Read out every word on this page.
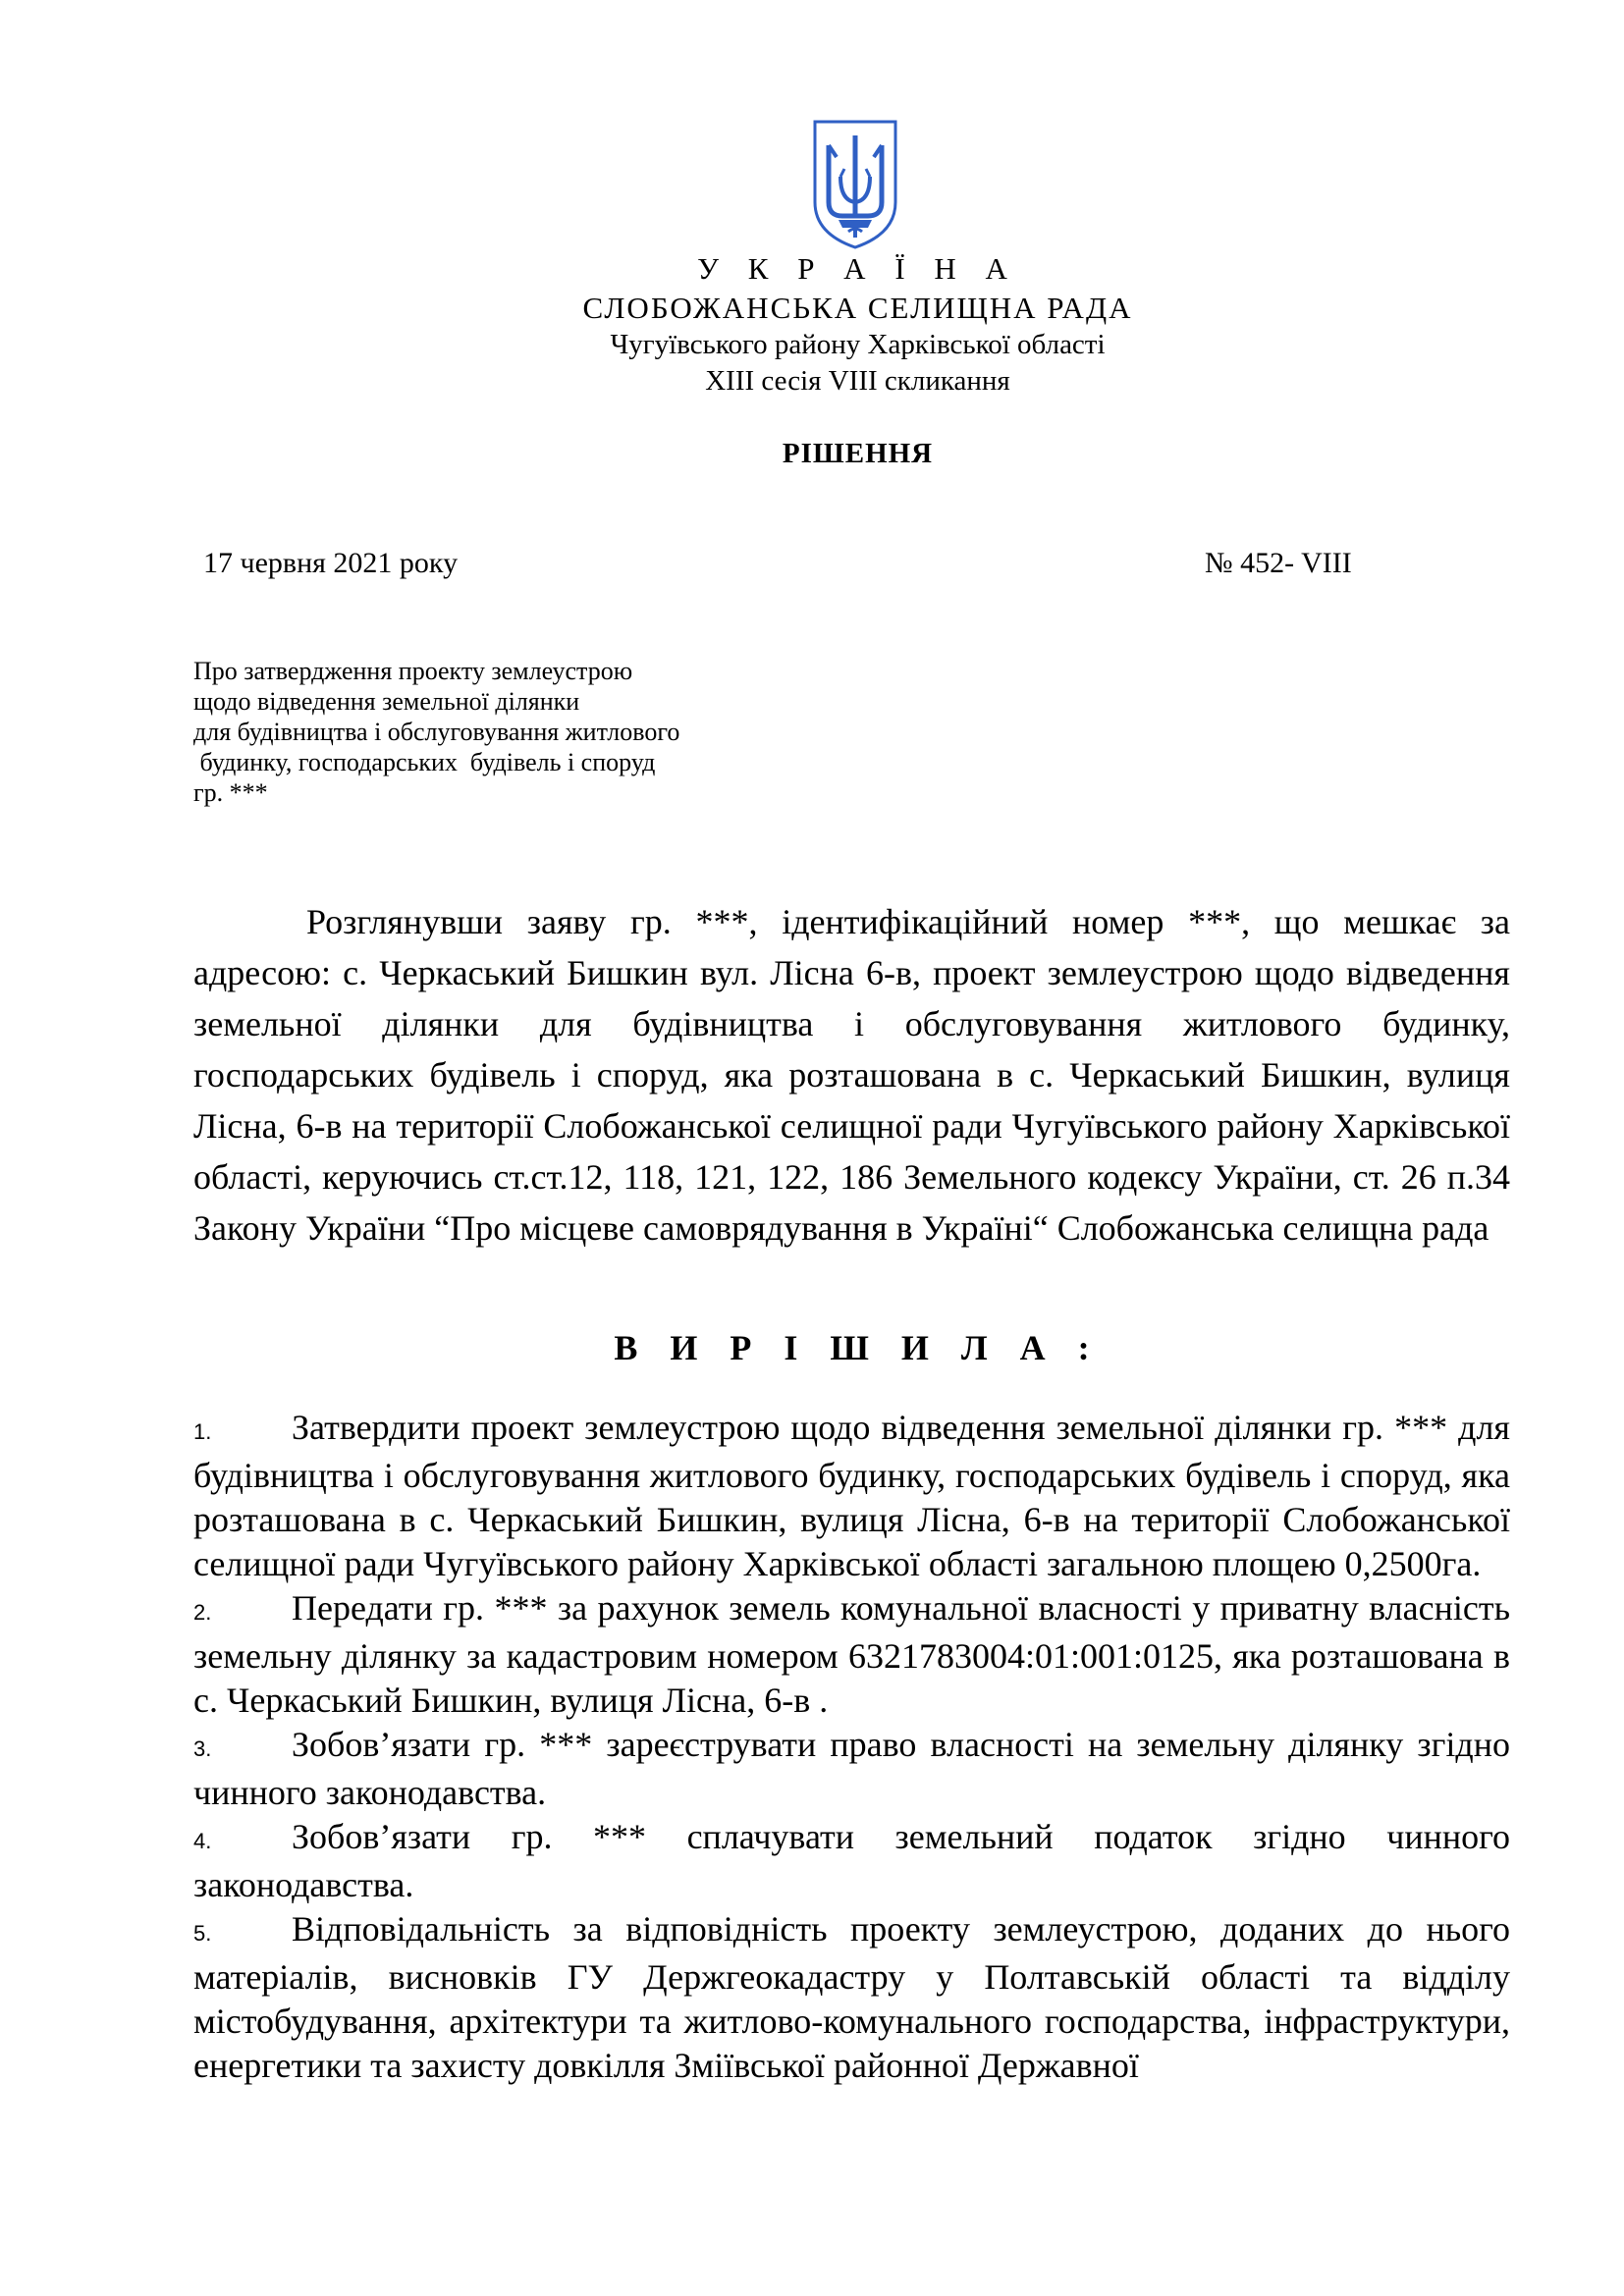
У К Р А Ї Н А
СЛОБОЖАНСЬКА СЕЛИЩНА РАДА
Чугуївського району Харківської області
XIII сесія VIII скликання
РІШЕННЯ
17 червня 2021 року	№ 452- VIII
Про затвердження проекту землеустрою
щодо відведення земельної ділянки
для будівництва і обслуговування житлового
будинку, господарських  будівель і споруд
гр. ***

Розглянувши заяву гр. ***, ідентифікаційний номер ***, що мешкає за адресою: с. Черкаський Бишкин вул. Лісна 6-в, проект землеустрою щодо відведення земельної ділянки для будівництва і обслуговування житлового будинку, господарських будівель і споруд, яка розташована в с. Черкаський Бишкин, вулиця Лісна, 6-в на території Слобожанської селищної ради Чугуївського району Харківської області, керуючись ст.ст.12, 118, 121, 122, 186 Земельного кодексу України, ст. 26 п.34 Закону України “Про місцеве самоврядування в Україні“ Слобожанська селищна рада

В И Р І Ш И Л А :

1. Затвердити проект землеустрою щодо відведення земельної ділянки гр. *** для будівництва і обслуговування житлового будинку, господарських будівель і споруд, яка розташована в с. Черкаський Бишкин, вулиця Лісна, 6-в на території Слобожанської селищної ради Чугуївського району Харківської області загальною площею 0,2500га.

2. Передати гр. *** за рахунок земель комунальної власності у приватну власність земельну ділянку за кадастровим номером 6321783004:01:001:0125, яка розташована в с. Черкаський Бишкин, вулиця Лісна, 6-в .

3. Зобов’язати гр. *** зареєструвати право власності на земельну ділянку згідно чинного законодавства.

4. Зобов’язати гр. *** сплачувати земельний податок згідно чинного законодавства.

5. Відповідальність за відповідність проекту землеустрою, доданих до нього матеріалів, висновків ГУ Держгеокадастру у Полтавській області та відділу містобудування, архітектури та житлово-комунального господарства, інфраструктури, енергетики та захисту довкілля Зміївської районної Державної
